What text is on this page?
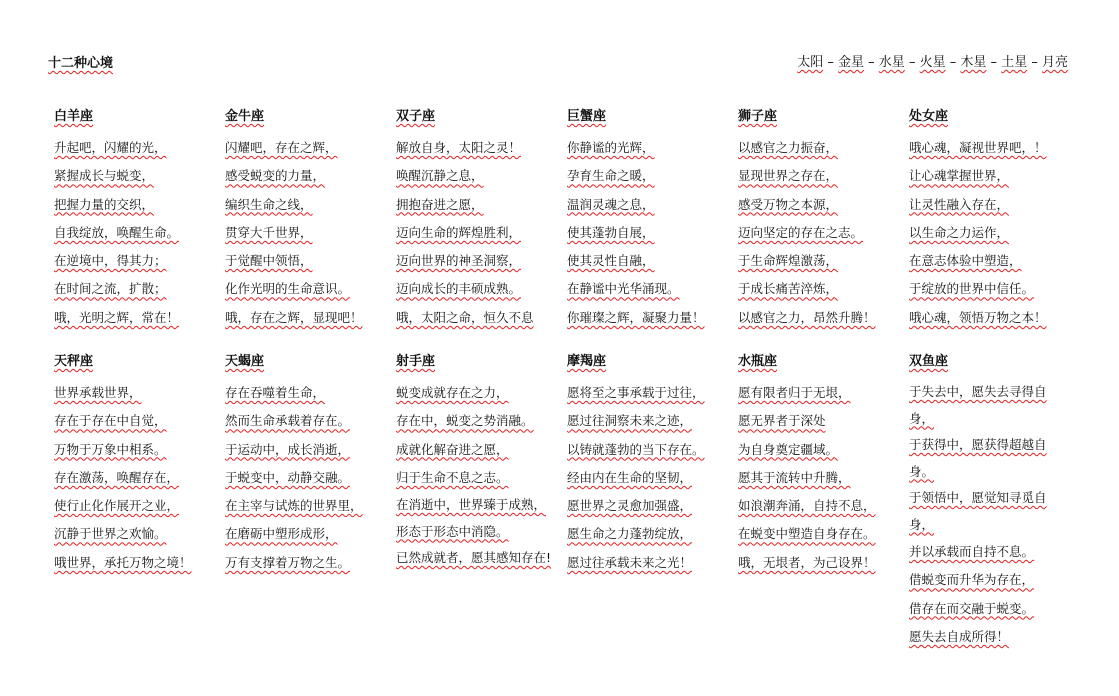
十二种心境	太阳 – 金星 – 水星 – 火星 – 木星 – 土星 – 月亮
白羊座
升起吧，闪耀的光，
紧握成长与蜕变，
把握力量的交织，
自我绽放，唤醒生命。
在逆境中，得其力；
在时间之流，扩散；
哦，光明之辉，常在！
金牛座
闪耀吧，存在之辉，
感受蜕变的力量，
编织生命之线，
贯穿大千世界，
于觉醒中领悟，
化作光明的生命意识。
哦，存在之辉，显现吧！
双子座
解放自身，太阳之灵！
唤醒沉静之息，
拥抱奋进之愿，
迈向生命的辉煌胜利，
迈向世界的神圣洞察，
迈向成长的丰硕成熟。
哦，太阳之命，恒久不息
巨蟹座
你静谧的光辉，
孕育生命之暖，
温润灵魂之息，
使其蓬勃自展，
使其灵性自融，
在静谧中光华涌现。
你璀璨之辉，凝聚力量！
狮子座
以感官之力振奋，
显现世界之存在，
感受万物之本源，
迈向坚定的存在之志。
于生命辉煌激荡，
于成长痛苦淬炼，
以感官之力，昂然升腾！
处女座
哦心魂，凝视世界吧，！
让心魂掌握世界，
让灵性融入存在，
以生命之力运作，
在意志体验中塑造，
于绽放的世界中信任。
哦心魂，领悟万物之本！
天秤座
世界承载世界，
存在于存在中自觉，
万物于万象中相系。
存在激荡，唤醒存在，
使行止化作展开之业，
沉静于世界之欢愉。
哦世界，承托万物之境！
天蝎座
存在吞噬着生命，
然而生命承载着存在。
于运动中，成长消逝，
于蜕变中，动静交融。
在主宰与试炼的世界里，
在磨砺中塑形成形，
万有支撑着万物之生。
射手座
蜕变成就存在之力，
存在中，蜕变之势消融。
成就化解奋进之愿，
归于生命不息之志。
在消逝中，世界臻于成熟，形态于形态中消隐。
已然成就者，愿其感知存在!
摩羯座
愿将至之事承载于过往，
愿过往洞察未来之迹，
以铸就蓬勃的当下存在。
经由内在生命的坚韧，
愿世界之灵愈加强盛，
愿生命之力蓬勃绽放，
愿过往承载未来之光！
水瓶座
愿有限者归于无垠，
愿无界者于深处
为自身奠定疆域。
愿其于流转中升腾，
如浪潮奔涌，自持不息，
在蜕变中塑造自身存在。
哦，无垠者，为己设界！
双鱼座
于失去中，愿失去寻得自身，
于获得中，愿获得超越自身。
于领悟中，愿觉知寻觅自身，
并以承载而自持不息。
借蜕变而升华为存在，
借存在而交融于蜕变。
愿失去自成所得！
